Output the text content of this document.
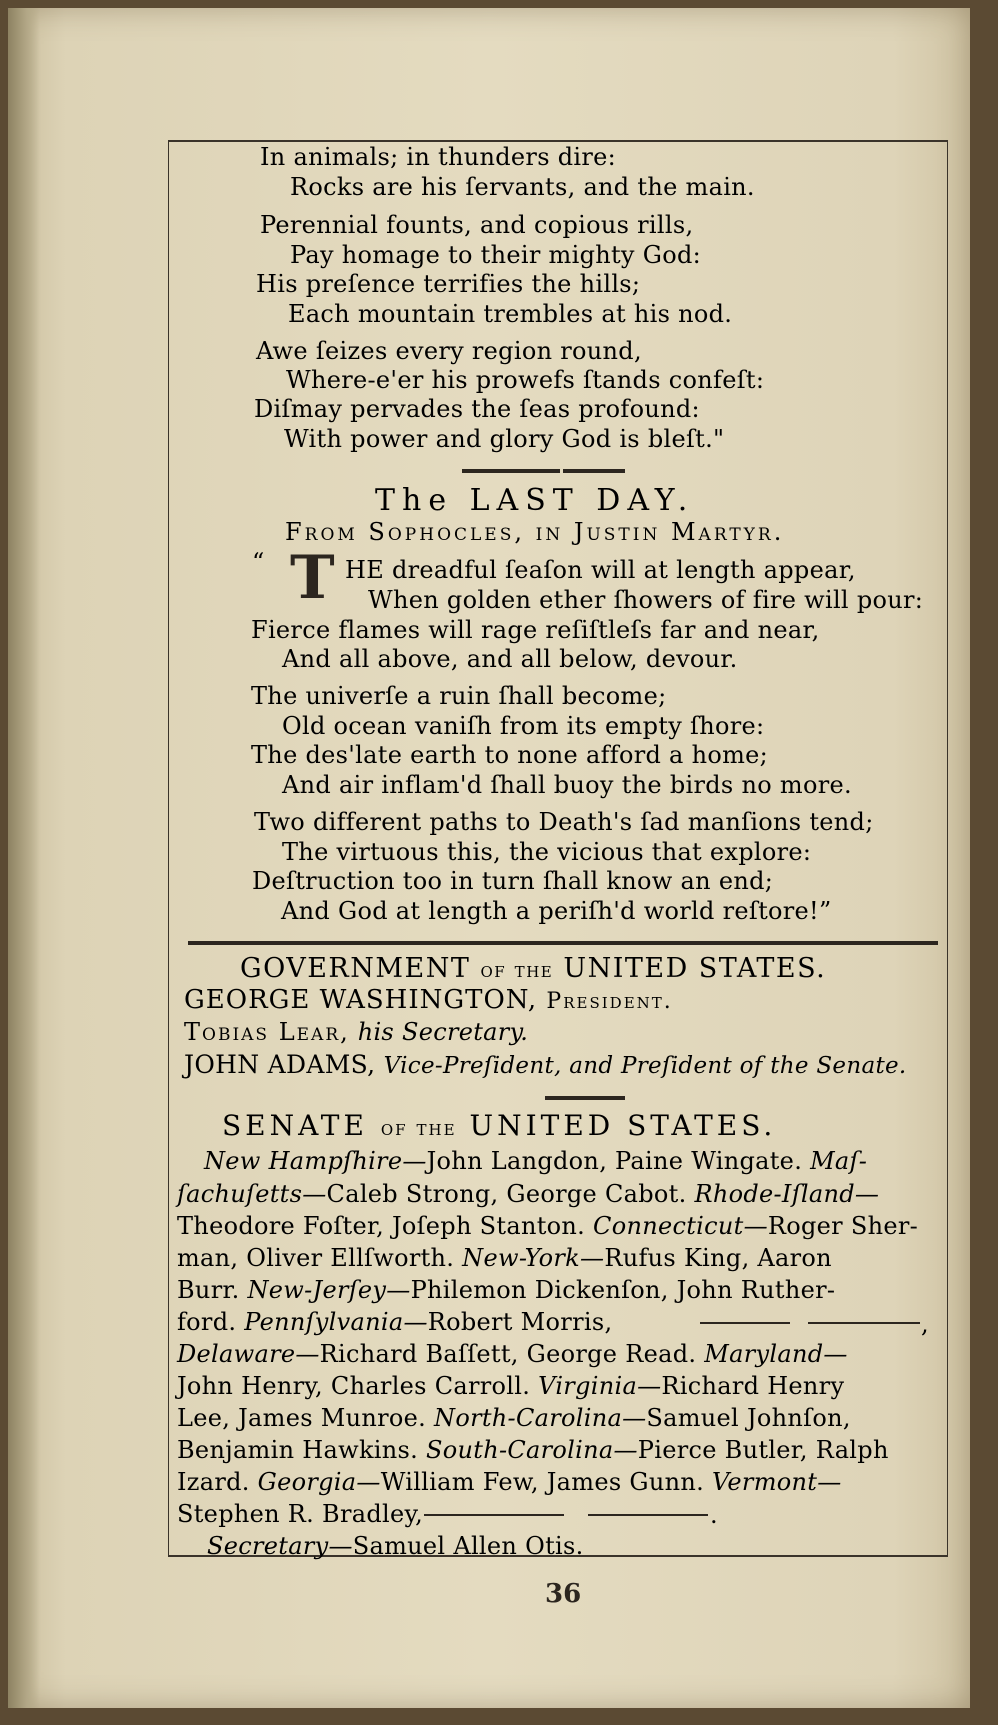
In animals; in thunders dire:
Rocks are his ſervants, and the main.
Perennial founts, and copious rills,
Pay homage to their mighty God:
His preſence terrifies the hills;
Each mountain trembles at his nod.
Awe ſeizes every region round,
Where-e'er his prowefs ſtands confeſt:
Diſmay pervades the ſeas profound:
With power and glory God is bleſt."
The LAST DAY.
From Sophocles, in Justin Martyr.
“ T HE dreadful ſeaſon will at length appear,
When golden ether ſhowers of fire will pour:
Fierce flames will rage reſiſtleſs far and near,
And all above, and all below, devour.
The univerſe a ruin ſhall become;
Old ocean vaniſh from its empty ſhore:
The des'late earth to none afford a home;
And air inflam'd ſhall buoy the birds no more.
Two different paths to Death's ſad manſions tend;
The virtuous this, the vicious that explore:
Deſtruction too in turn ſhall know an end;
And God at length a periſh'd world reſtore!”
GOVERNMENT of the UNITED STATES.
GEORGE WASHINGTON, President.
Tobias Lear, his Secretary.
JOHN ADAMS, Vice-Preſident, and Preſident of the Senate.
SENATE of the UNITED STATES.
New Hampſhire—John Langdon, Paine Wingate. Maſ-
ſachuſetts—Caleb Strong, George Cabot. Rhode-Iſland—
Theodore Foſter, Joſeph Stanton. Connecticut—Roger Sher-
man, Oliver Ellſworth. New-York—Rufus King, Aaron
Burr. New-Jerſey—Philemon Dickenſon, John Ruther-
ford. Pennſylvania—Robert Morris,	,
Delaware—Richard Baſſett, George Read. Maryland—
John Henry, Charles Carroll. Virginia—Richard Henry
Lee, James Munroe. North-Carolina—Samuel Johnſon,
Benjamin Hawkins. South-Carolina—Pierce Butler, Ralph
Izard. Georgia—William Few, James Gunn. Vermont—
Stephen R. Bradley,	.
Secretary—Samuel Allen Otis.
36
